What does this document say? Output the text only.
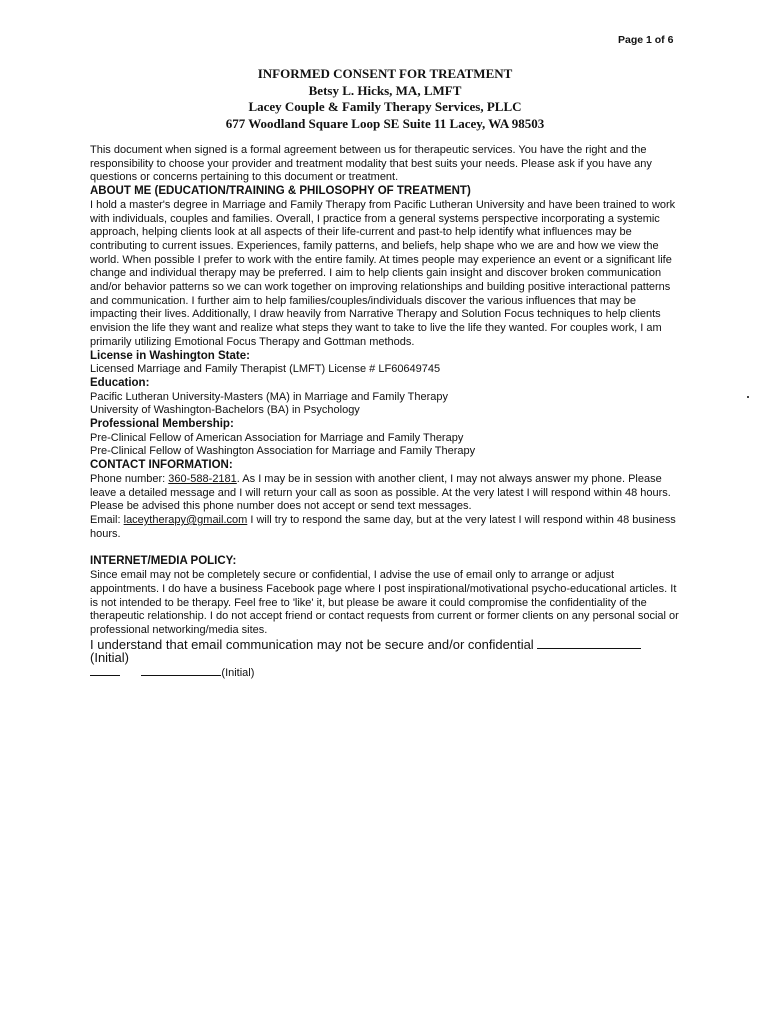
Page 1 of 6
INFORMED CONSENT FOR TREATMENT
Betsy L. Hicks, MA, LMFT
Lacey Couple & Family Therapy Services, PLLC
677 Woodland Square Loop SE Suite 11 Lacey, WA 98503

This document when signed is a formal agreement between us for therapeutic services. You have the right and the responsibility to choose your provider and treatment modality that best suits your needs. Please ask if you have any questions or concerns pertaining to this document or treatment.

ABOUT ME (EDUCATION/TRAINING & PHILOSOPHY OF TREATMENT)

I hold a master's degree in Marriage and Family Therapy from Pacific Lutheran University and have been trained to work with individuals, couples and families. Overall, I practice from a general systems perspective incorporating a systemic approach, helping clients look at all aspects of their life-current and past-to help identify what influences may be contributing to current issues. Experiences, family patterns, and beliefs, help shape who we are and how we view the world. When possible I prefer to work with the entire family. At times people may experience an event or a significant life change and individual therapy may be preferred. I aim to help clients gain insight and discover broken communication and/or behavior patterns so we can work together on improving relationships and building positive interactional patterns and communication. I further aim to help families/couples/individuals discover the various influences that may be impacting their lives. Additionally, I draw heavily from Narrative Therapy and Solution Focus techniques to help clients envision the life they want and realize what steps they want to take to live the life they wanted. For couples work, I am primarily utilizing Emotional Focus Therapy and Gottman methods.

License in Washington State:

Licensed Marriage and Family Therapist (LMFT) License # LF60649745

Education:

Pacific Lutheran University-Masters (MA) in Marriage and Family Therapy

University of Washington-Bachelors (BA) in Psychology

Professional Membership:

Pre-Clinical Fellow of American Association for Marriage and Family Therapy

Pre-Clinical Fellow of Washington Association for Marriage and Family Therapy

CONTACT INFORMATION:

Phone number: 360-588-2181. As I may be in session with another client, I may not always answer my phone. Please leave a detailed message and I will return your call as soon as possible. At the very latest I will respond within 48 hours. Please be advised this phone number does not accept or send text messages.

Email: laceytherapy@gmail.com I will try to respond the same day, but at the very latest I will respond within 48 business hours.

INTERNET/MEDIA POLICY:

Since email may not be completely secure or confidential, I advise the use of email only to arrange or adjust appointments. I do have a business Facebook page where I post inspirational/motivational psycho-educational articles. It is not intended to be therapy. Feel free to 'like' it, but please be aware it could compromise the confidentiality of the therapeutic relationship. I do not accept friend or contact requests from current or former clients on any personal social or professional networking/media sites.

I understand that email communication may not be secure and/or confidential (Initial)

(Initial)
